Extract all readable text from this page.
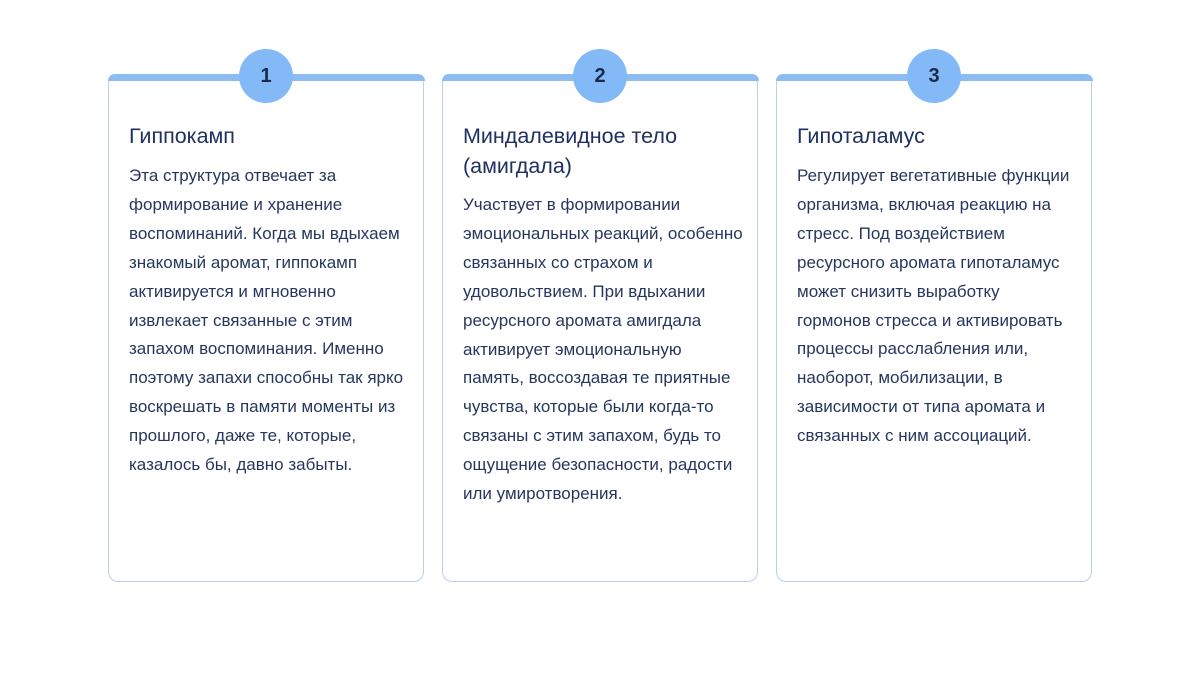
1
Гиппокамп
Эта структура отвечает за формирование и хранение воспоминаний. Когда мы вдыхаем знакомый аромат, гиппокамп активируется и мгновенно извлекает связанные с этим запахом воспоминания. Именно поэтому запахи способны так ярко воскрешать в памяти моменты из прошлого, даже те, которые, казалось бы, давно забыты.
2
Миндалевидное тело (амигдала)
Участвует в формировании эмоциональных реакций, особенно связанных со страхом и удовольствием. При вдыхании ресурсного аромата амигдала активирует эмоциональную память, воссоздавая те приятные чувства, которые были когда-то связаны с этим запахом, будь то ощущение безопасности, радости или умиротворения.
3
Гипоталамус
Регулирует вегетативные функции организма, включая реакцию на стресс. Под воздействием ресурсного аромата гипоталамус может снизить выработку гормонов стресса и активировать процессы расслабления или, наоборот, мобилизации, в зависимости от типа аромата и связанных с ним ассоциаций.
